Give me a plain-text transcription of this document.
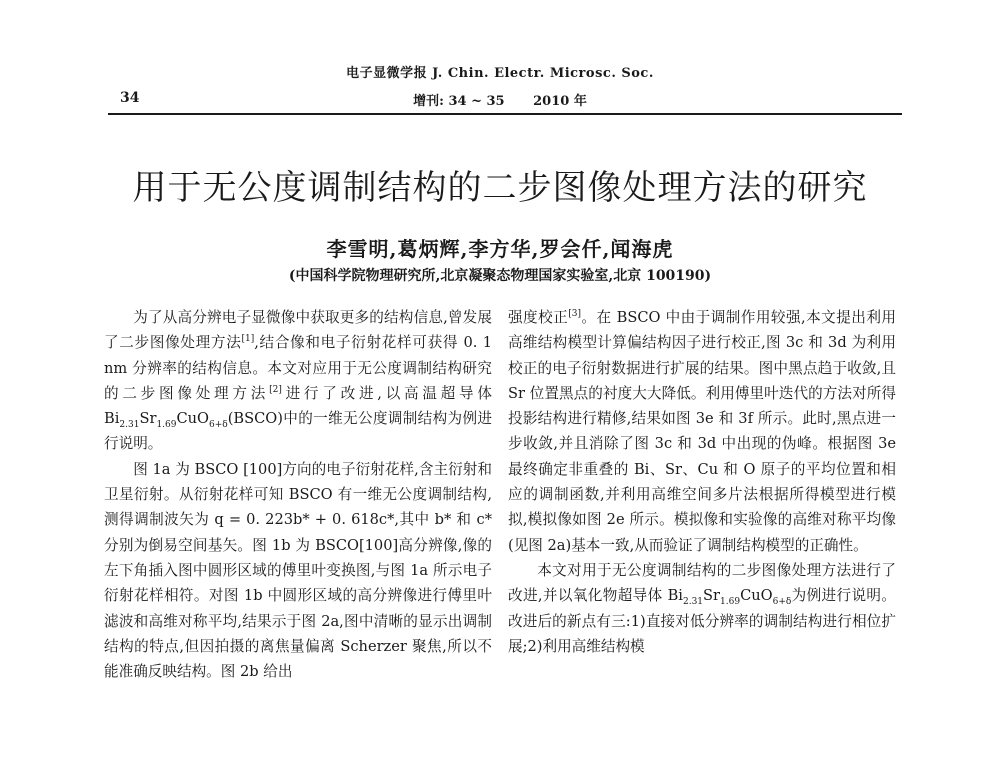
电子显微学报 J. Chin. Electr. Microsc. Soc.
34	增刊: 34 ~ 35 2010 年
用于无公度调制结构的二步图像处理方法的研究
李雪明,葛炳辉,李方华,罗会仟,闻海虎
(中国科学院物理研究所,北京凝聚态物理国家实验室,北京 100190)

为了从高分辨电子显微像中获取更多的结构信息,曾发展了二步图像处理方法[1],结合像和电子衍射花样可获得 0. 1 nm 分辨率的结构信息。本文对应用于无公度调制结构研究的二步图像处理方法[2]进行了改进,以高温超导体 $Bi_{2.31}Sr_{1.69}CuO_{6+\delta}(BSCO)$中的一维无公度调制结构为例进行说明。

图 1a 为 BSCO [100]方向的电子衍射花样,含主衍射和卫星衍射。从衍射花样可知 BSCO 有一维无公度调制结构,测得调制波矢为 q = 0. 223b* + 0. 618c*,其中 b* 和 c* 分别为倒易空间基矢。图 1b 为 BSCO[100]高分辨像,像的左下角插入图中圆形区域的傅里叶变换图,与图 1a 所示电子衍射花样相符。对图 1b 中圆形区域的高分辨像进行傅里叶滤波和高维对称平均,结果示于图 2a,图中清晰的显示出调制结构的特点,但因拍摄的离焦量偏离 Scherzer 聚焦,所以不能准确反映结构。图 2b 给出

强度校正[3]。在 BSCO 中由于调制作用较强,本文提出利用高维结构模型计算偏结构因子进行校正,图 3c 和 3d 为利用校正的电子衍射数据进行扩展的结果。图中黑点趋于收敛,且 Sr 位置黑点的衬度大大降低。利用傅里叶迭代的方法对所得投影结构进行精修,结果如图 3e 和 3f 所示。此时,黑点进一步收敛,并且消除了图 3c 和 3d 中出现的伪峰。根据图 3e 最终确定非重叠的 Bi、Sr、Cu 和 O 原子的平均位置和相应的调制函数,并利用高维空间多片法根据所得模型进行模拟,模拟像如图 2e 所示。模拟像和实验像的高维对称平均像(见图 2a)基本一致,从而验证了调制结构模型的正确性。

本文对用于无公度调制结构的二步图像处理方法进行了改进,并以氧化物超导体 $Bi_{2.31}Sr_{1.69}CuO_{6+\delta}$为例进行说明。改进后的新点有三:1)直接对低分辨率的调制结构进行相位扩展;2)利用高维结构模
